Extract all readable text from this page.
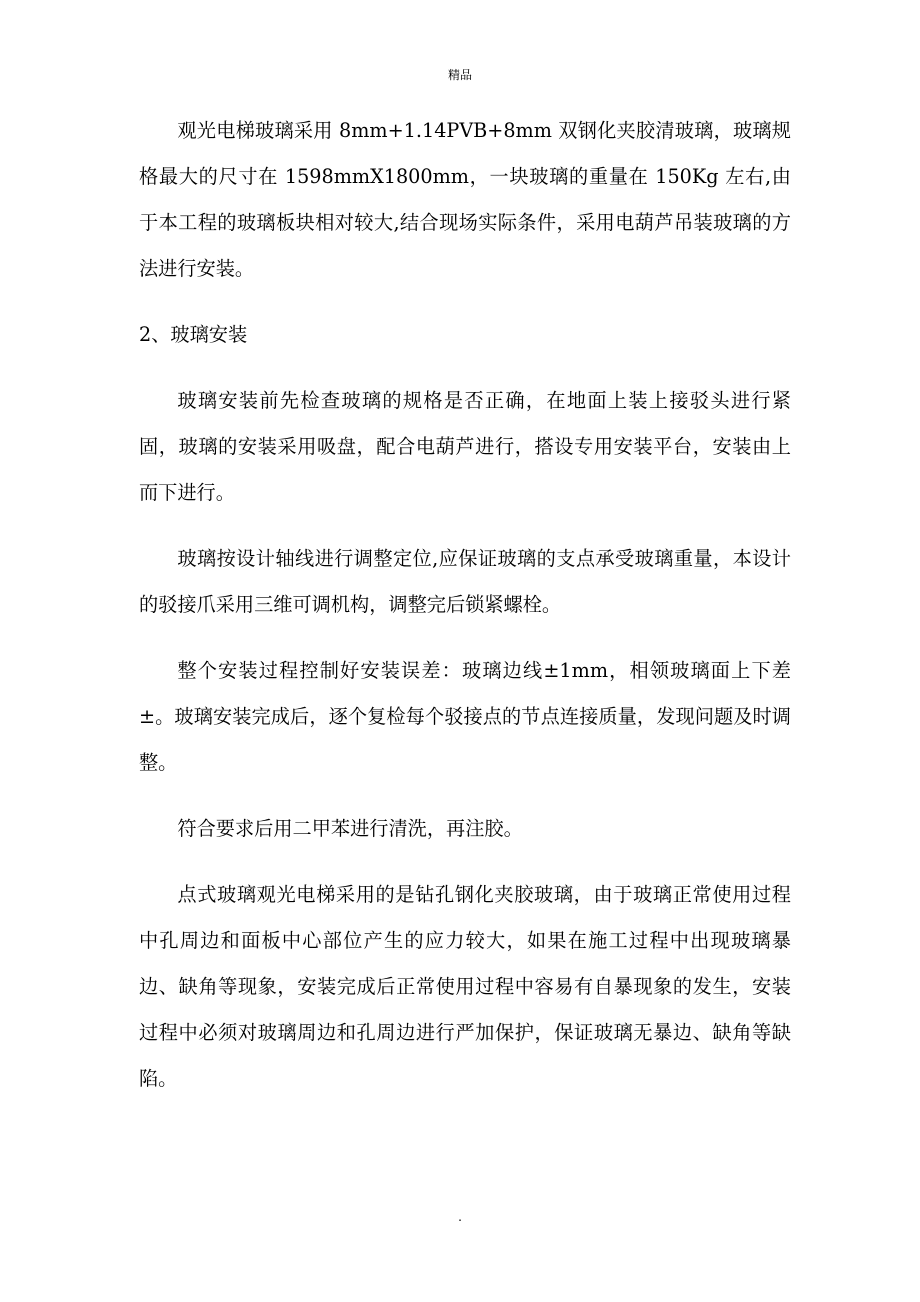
精品

观光电梯玻璃采用 8mm+1.14PVB+8mm 双钢化夹胶清玻璃，玻璃规格最大的尺寸在 1598mmX1800mm，一块玻璃的重量在 150Kg 左右,由于本工程的玻璃板块相对较大,结合现场实际条件，采用电葫芦吊装玻璃的方法进行安装。

2、玻璃安装

玻璃安装前先检查玻璃的规格是否正确，在地面上装上接驳头进行紧固，玻璃的安装采用吸盘，配合电葫芦进行，搭设专用安装平台，安装由上而下进行。

玻璃按设计轴线进行调整定位,应保证玻璃的支点承受玻璃重量，本设计的驳接爪采用三维可调机构，调整完后锁紧螺栓。

整个安装过程控制好安装误差：玻璃边线±1mm，相领玻璃面上下差±。玻璃安装完成后，逐个复检每个驳接点的节点连接质量，发现问题及时调整。

符合要求后用二甲苯进行清洗，再注胶。

点式玻璃观光电梯采用的是钻孔钢化夹胶玻璃，由于玻璃正常使用过程中孔周边和面板中心部位产生的应力较大，如果在施工过程中出现玻璃暴边、缺角等现象，安装完成后正常使用过程中容易有自暴现象的发生，安装过程中必须对玻璃周边和孔周边进行严加保护，保证玻璃无暴边、缺角等缺陷。

.
